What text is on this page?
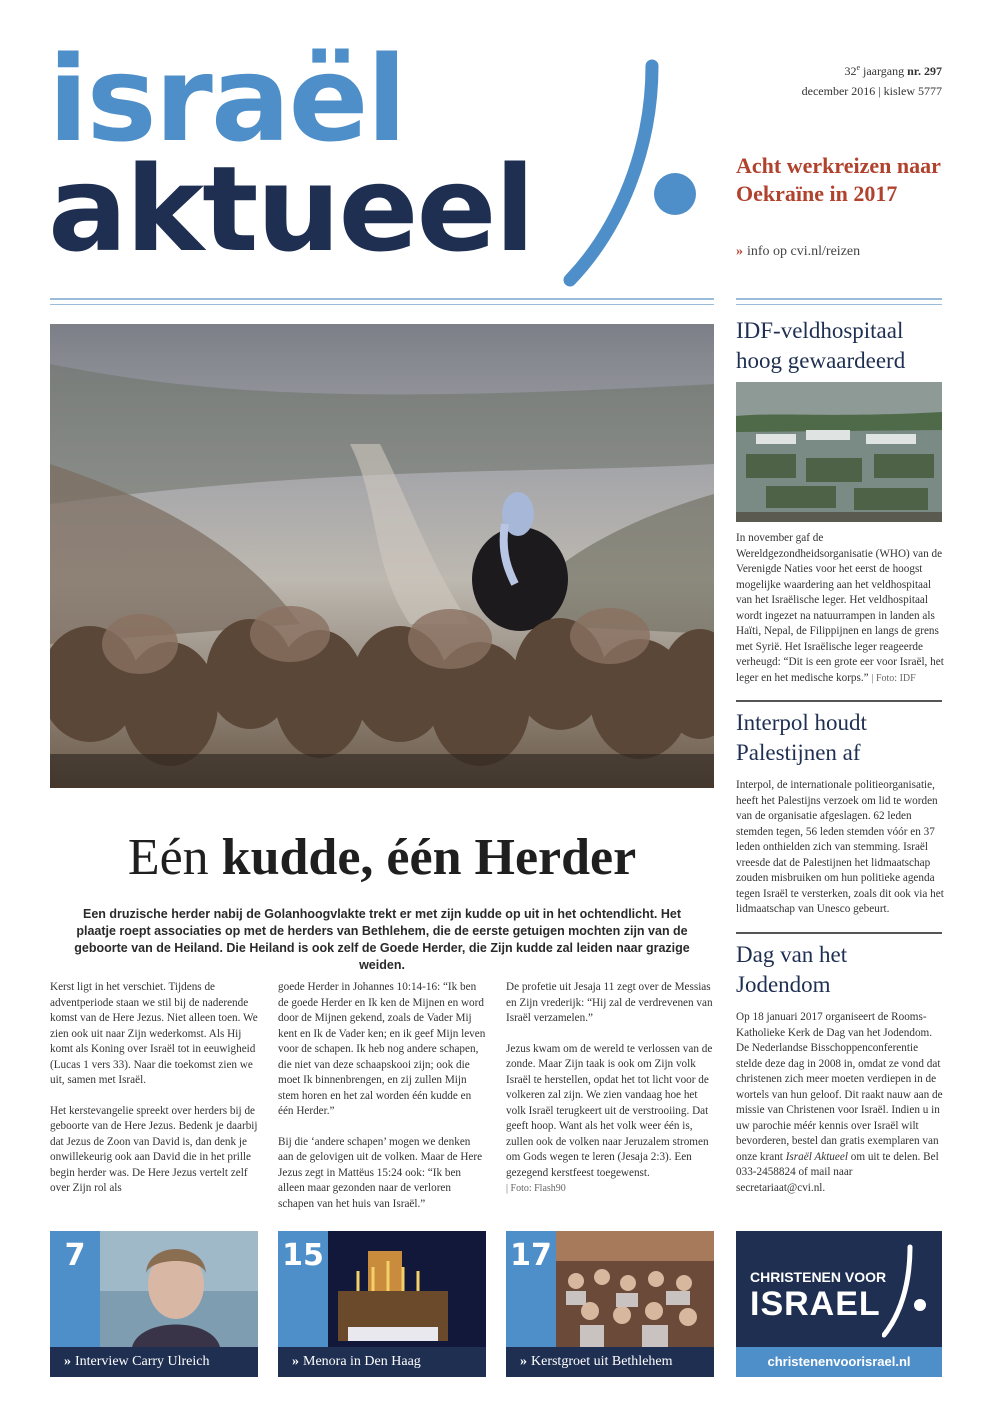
israël
aktueel
32e jaargang nr. 297
december 2016 | kislew 5777
Acht werkreizen naar Oekraïne in 2017
» info op cvi.nl/reizen
Eén kudde, één Herder
Een druzische herder nabij de Golanhoogvlakte trekt er met zijn kudde op uit in het ochtendlicht. Het plaatje roept associaties op met de herders van Bethlehem, die de eerste getuigen mochten zijn van de geboorte van de Heiland. Die Heiland is ook zelf de Goede Herder, die Zijn kudde zal leiden naar grazige weiden.

Kerst ligt in het verschiet. Tijdens de adventperiode staan we stil bij de naderende komst van de Here Jezus. Niet alleen toen. We zien ook uit naar Zijn wederkomst. Als Hij komt als Koning over Israël tot in eeuwigheid (Lucas 1 vers 33). Naar die toekomst zien we uit, samen met Israël.

Het kerstevangelie spreekt over herders bij de geboorte van de Here Jezus. Bedenk je daarbij dat Jezus de Zoon van David is, dan denk je onwillekeurig ook aan David die in het prille begin herder was. De Here Jezus vertelt zelf over Zijn rol als

goede Herder in Johannes 10:14-16: “Ik ben de goede Herder en Ik ken de Mijnen en word door de Mijnen gekend, zoals de Vader Mij kent en Ik de Vader ken; en ik geef Mijn leven voor de schapen. Ik heb nog andere schapen, die niet van deze schaapskooi zijn; ook die moet Ik binnenbrengen, en zij zullen Mijn stem horen en het zal worden één kudde en één Herder.”

Bij die ‘andere schapen’ mogen we denken aan de gelovigen uit de volken. Maar de Here Jezus zegt in Mattëus 15:24 ook: “Ik ben alleen maar gezonden naar de verloren schapen van het huis van Israël.”

De profetie uit Jesaja 11 zegt over de Messias en Zijn vrederijk: “Hij zal de verdrevenen van Israël verzamelen.”

Jezus kwam om de wereld te verlossen van de zonde. Maar Zijn taak is ook om Zijn volk Israël te herstellen, opdat het tot licht voor de volkeren zal zijn. We zien vandaag hoe het volk Israël terugkeert uit de verstrooiing. Dat geeft hoop. Want als het volk weer één is, zullen ook de volken naar Jeruzalem stromen om Gods wegen te leren (Jesaja 2:3). Een gezegend kerstfeest toegewenst.
| Foto: Flash90

IDF-veldhospitaal hoog gewaardeerd
In november gaf de Wereldgezondheidsorganisatie (WHO) van de Verenigde Naties voor het eerst de hoogst mogelijke waardering aan het veldhospitaal van het Israëlische leger. Het veldhospitaal wordt ingezet na natuurrampen in landen als Haïti, Nepal, de Filippijnen en langs de grens met Syrië. Het Israëlische leger reageerde verheugd: “Dit is een grote eer voor Israël, het leger en het medische korps.” | Foto: IDF
Interpol houdt Palestijnen af
Interpol, de internationale politieorganisatie, heeft het Palestijns verzoek om lid te worden van de organisatie afgeslagen. 62 leden stemden tegen, 56 leden stemden vóór en 37 leden onthielden zich van stemming. Israël vreesde dat de Palestijnen het lidmaatschap zouden misbruiken om hun politieke agenda tegen Israël te versterken, zoals dit ook via het lidmaatschap van Unesco gebeurt.
Dag van het Jodendom
Op 18 januari 2017 organiseert de Rooms-Katholieke Kerk de Dag van het Jodendom. De Nederlandse Bisschoppenconferentie stelde deze dag in 2008 in, omdat ze vond dat christenen zich meer moeten verdiepen in de wortels van hun geloof. Dit raakt nauw aan de missie van Christenen voor Israël. Indien u in uw parochie méér kennis over Israël wilt bevorderen, bestel dan gratis exemplaren van onze krant Israël Aktueel om uit te delen. Bel 033-2458824 of mail naar secretariaat@cvi.nl.
7
» Interview Carry Ulreich
15
» Menora in Den Haag
17
» Kerstgroet uit Bethlehem
CHRISTENEN VOOR
ISRAEL
christenenvoorisrael.nl
